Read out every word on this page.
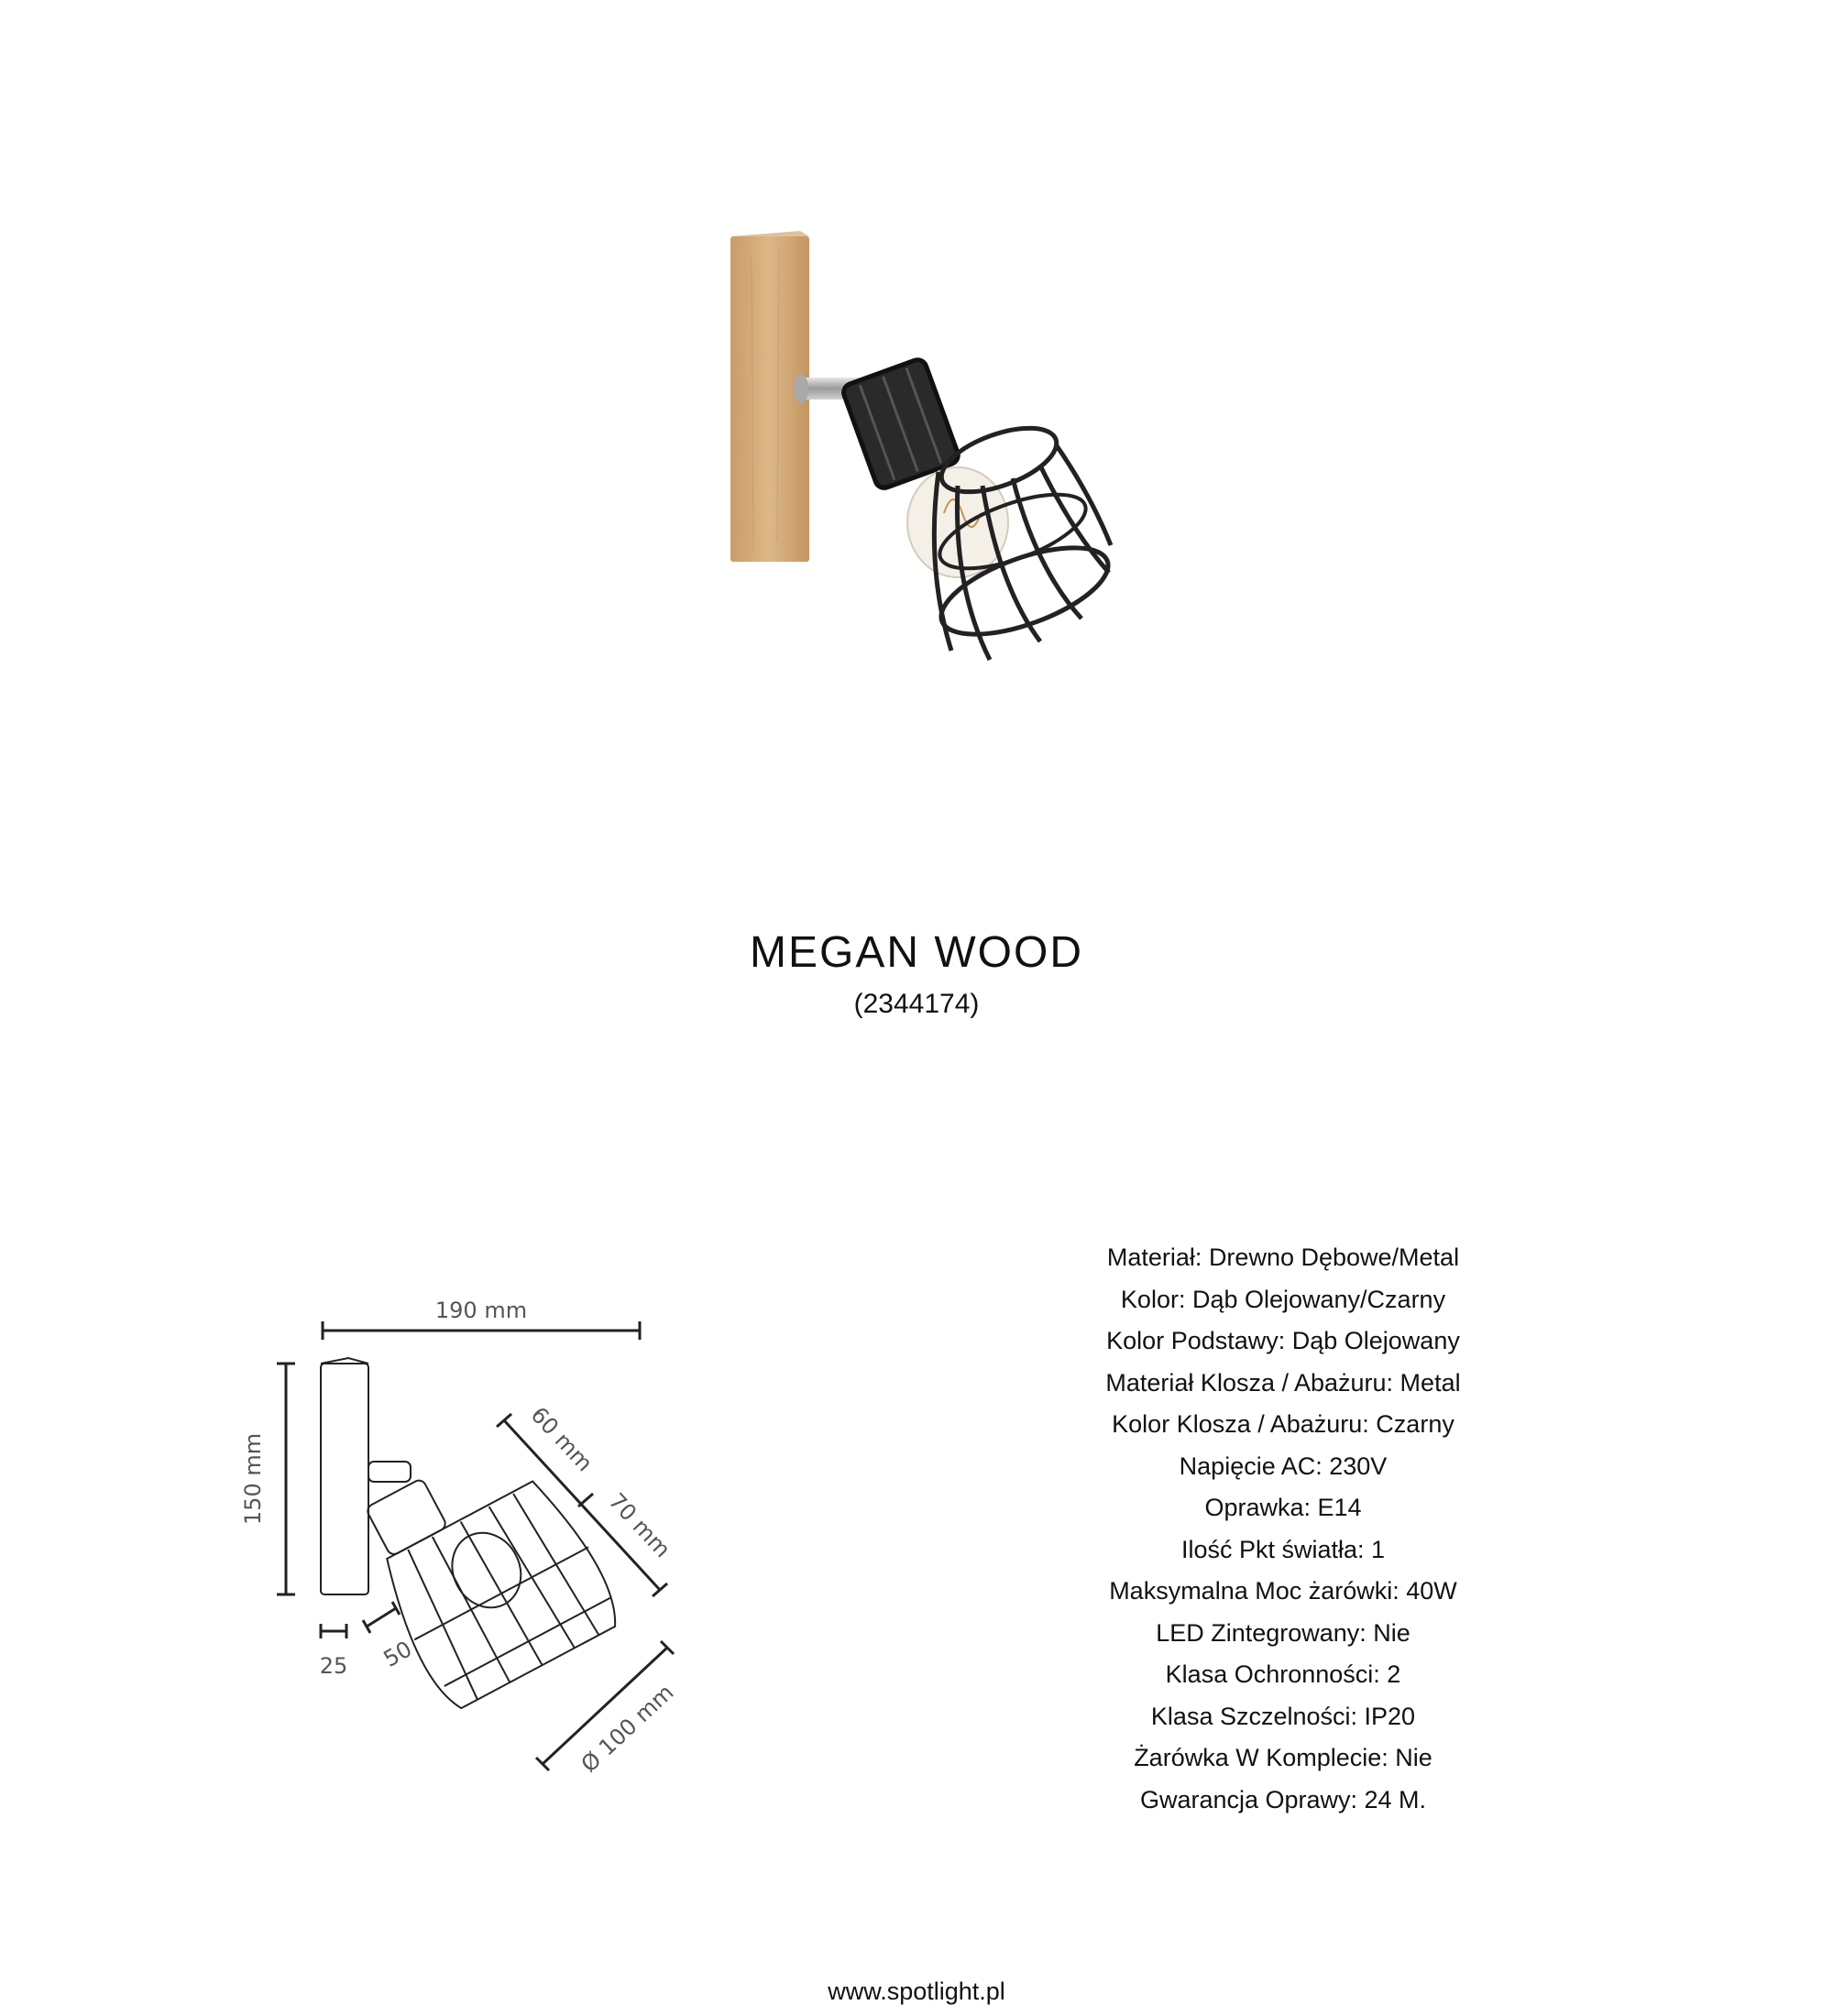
MEGAN WOOD
(2344174)
190 mm
150 mm	60 mm
70 mm
Ø 100 mm
25 50
Materiał: Drewno Dębowe/Metal
Kolor: Dąb Olejowany/Czarny
Kolor Podstawy: Dąb Olejowany
Materiał Klosza / Abażuru: Metal
Kolor Klosza / Abażuru: Czarny
Napięcie AC: 230V
Oprawka: E14
Ilość Pkt światła: 1
Maksymalna Moc żarówki: 40W
LED Zintegrowany: Nie
Klasa Ochronności: 2
Klasa Szczelności: IP20
Żarówka W Komplecie: Nie
Gwarancja Oprawy: 24 M.
www.spotlight.pl
